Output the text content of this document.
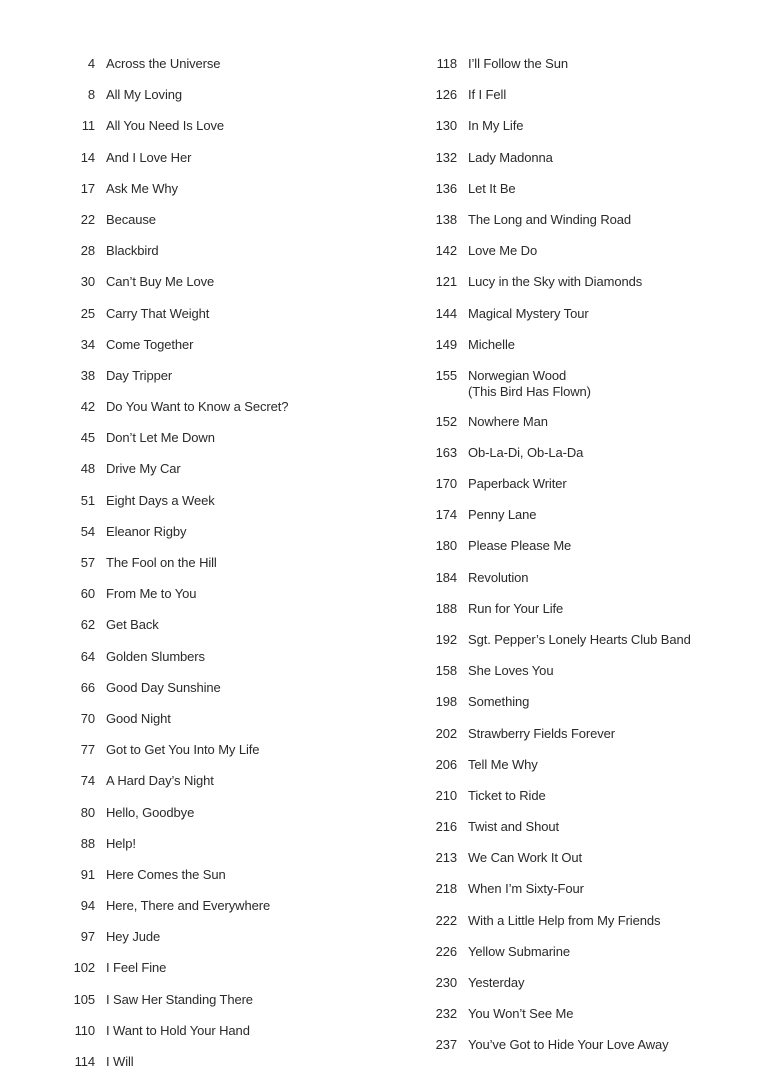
4 Across the Universe
8 All My Loving
11 All You Need Is Love
14 And I Love Her
17 Ask Me Why
22 Because
28 Blackbird
30 Can’t Buy Me Love
25 Carry That Weight
34 Come Together
38 Day Tripper
42 Do You Want to Know a Secret?
45 Don’t Let Me Down
48 Drive My Car
51 Eight Days a Week
54 Eleanor Rigby
57 The Fool on the Hill
60 From Me to You
62 Get Back
64 Golden Slumbers
66 Good Day Sunshine
70 Good Night
77 Got to Get You Into My Life
74 A Hard Day’s Night
80 Hello, Goodbye
88 Help!
91 Here Comes the Sun
94 Here, There and Everywhere
97 Hey Jude
102 I Feel Fine
105 I Saw Her Standing There
110 I Want to Hold Your Hand
114 I Will
118 I’ll Follow the Sun
126 If I Fell
130 In My Life
132 Lady Madonna
136 Let It Be
138 The Long and Winding Road
142 Love Me Do
121 Lucy in the Sky with Diamonds
144 Magical Mystery Tour
149 Michelle
155 Norwegian Wood
(This Bird Has Flown)
152 Nowhere Man
163 Ob-La-Di, Ob-La-Da
170 Paperback Writer
174 Penny Lane
180 Please Please Me
184 Revolution
188 Run for Your Life
192 Sgt. Pepper’s Lonely Hearts Club Band
158 She Loves You
198 Something
202 Strawberry Fields Forever
206 Tell Me Why
210 Ticket to Ride
216 Twist and Shout
213 We Can Work It Out
218 When I’m Sixty-Four
222 With a Little Help from My Friends
226 Yellow Submarine
230 Yesterday
232 You Won’t See Me
237 You’ve Got to Hide Your Love Away
